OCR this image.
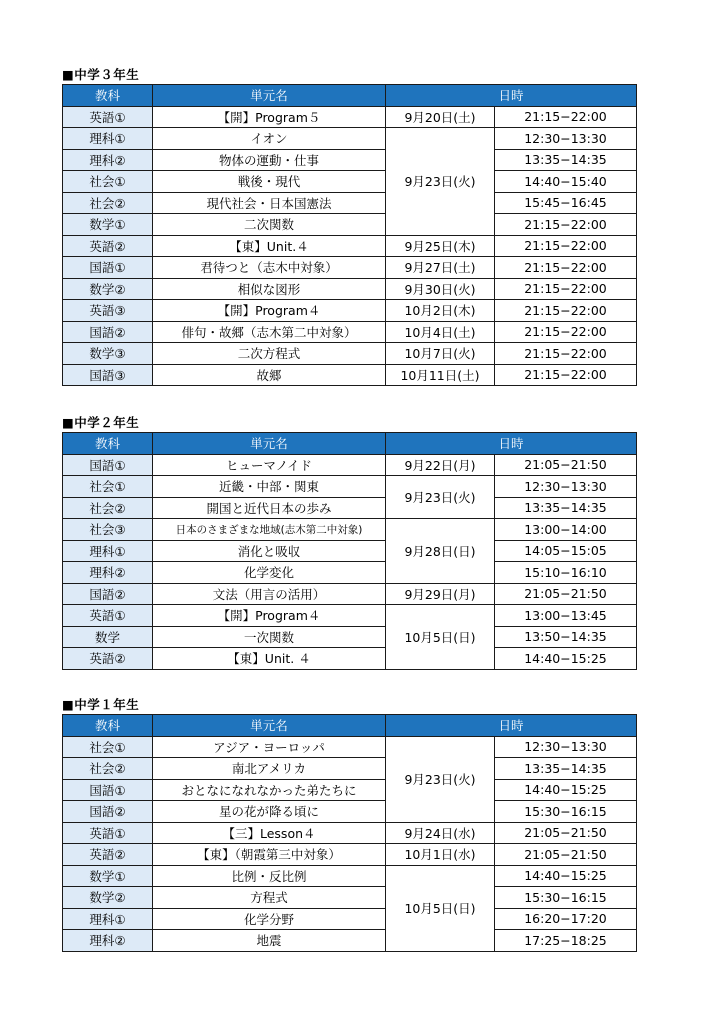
■中学３年生
教科	単元名	日時	
英語①	【開】Program５	9月20日(土)	21:15−22:00
理科①	イオン	9月23日(火)	12:30−13:30
理科②	物体の運動・仕事		13:35−14:35
社会①	戦後・現代		14:40−15:40
社会②	現代社会・日本国憲法		15:45−16:45
数学①	二次関数		21:15−22:00
英語②	【東】Unit.４	9月25日(木)	21:15−22:00
国語①	君待つと（志木中対象）	9月27日(土)	21:15−22:00
数学②	相似な図形	9月30日(火)	21:15−22:00
英語③	【開】Program４	10月2日(木)	21:15−22:00
国語②	俳句・故郷（志木第二中対象）	10月4日(土)	21:15−22:00
数学③	二次方程式	10月7日(火)	21:15−22:00
国語③	故郷	10月11日(土)	21:15−22:00
■中学２年生
教科	単元名	日時	
国語①	ヒューマノイド	9月22日(月)	21:05−21:50
社会①	近畿・中部・関東	9月23日(火)	12:30−13:30
社会②	開国と近代日本の歩み		13:35−14:35
社会③	日本のさまざまな地域(志木第二中対象)	9月28日(日)	13:00−14:00
理科①	消化と吸収		14:05−15:05
理科②	化学変化		15:10−16:10
国語②	文法（用言の活用）	9月29日(月)	21:05−21:50
英語①	【開】Program４	10月5日(日)	13:00−13:45
数学	一次関数		13:50−14:35
英語②	【東】Unit. ４		14:40−15:25
■中学１年生
教科	単元名	日時	
社会①	アジア・ヨーロッパ	9月23日(火)	12:30−13:30
社会②	南北アメリカ		13:35−14:35
国語①	おとなになれなかった弟たちに		14:40−15:25
国語②	星の花が降る頃に		15:30−16:15
英語①	【三】Lesson４	9月24日(水)	21:05−21:50
英語②	【東】（朝霞第三中対象）	10月1日(水)	21:05−21:50
数学①	比例・反比例	10月5日(日)	14:40−15:25
数学②	方程式		15:30−16:15
理科①	化学分野		16:20−17:20
理科②	地震		17:25−18:25
